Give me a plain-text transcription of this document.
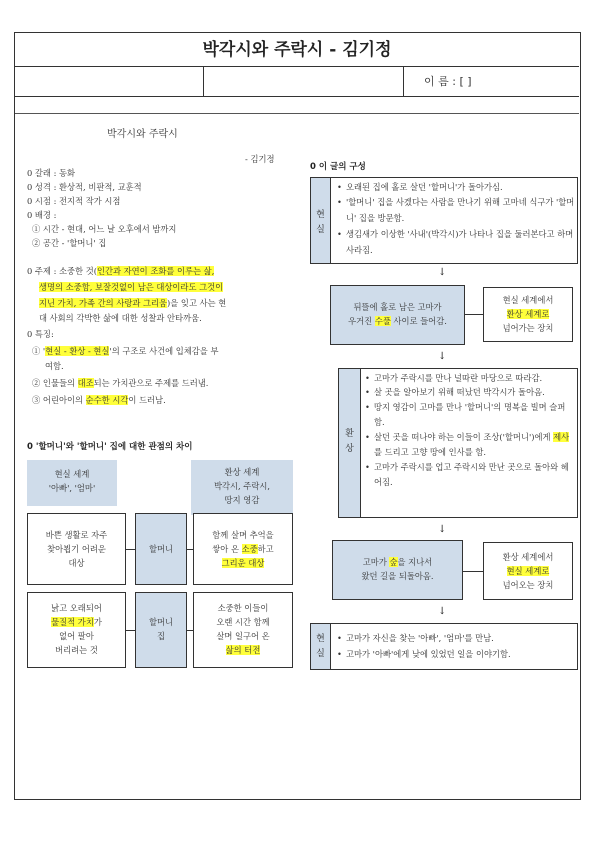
박각시와 주락시 - 김기정
이 름 : [ ]
박각시와 주락시
- 김기정
0 갈래 : 동화
0 성격 : 환상적, 비판적, 교훈적
0 시점 : 전지적 작가 시점
0 배경 :
① 시간 - 현대, 어느 날 오후에서 밤까지
② 공간 - '할머니' 집
0 주제 : 소중한 것(인간과 자연이 조화를 이루는 삶,
생명의 소중함, 보잘것없이 남은 대상이라도 그것이
지닌 가치, 가족 간의 사랑과 그리움)을 잊고 사는 현
대 사회의 각박한 삶에 대한 성찰과 안타까움.
0 특징:
① '현실 - 환상 - 현실'의 구조로 사건에 입체감을 부
여함.
② 인물들의 대조되는 가치관으로 주제를 드러냄.
③ 어린아이의 순수한 시각이 드러남.
0 '할머니'와 '할머니' 집에 대한 관점의 차이
현실 세계
'아빠', '엄마'
환상 세계
박각시, 주락시,
땅지 영감
바쁜 생활로 자주
찾아뵙기 어려운
대상
할머니
함께 살며 추억을
쌓아 온 소중하고
그리운 대상
낡고 오래되어
물질적 가치가
없어 팔아
버리려는 것
할머니
집
소중한 이들이
오랜 시간 함께
살며 일구어 온
삶의 터전
0 이 글의 구성
현
실
• 오래된 집에 홀로 살던 '할머니'가 돌아가심.
• '할머니' 집을 사겠다는 사람을 만나기 위해 고마네 식구가 '할머니' 집을 방문함.
• 생김새가 이상한 '사내'(박각시)가 나타나 집을 둘러본다고 하며 사라짐.
↓
뒤뜰에 홀로 남은 고마가
우거진 수풀 사이로 들어감.
현실 세계에서
환상 세계로
넘어가는 장치
↓
환
상
• 고마가 주락시를 만나 널따란 마당으로 따라감.
• 살 곳을 알아보기 위해 떠났던 박각시가 돌아옴.
• 땅지 영감이 고마를 만나 '할머니'의 명복을 빌며 슬퍼함.
• 살던 곳을 떠나야 하는 이들이 조상('할머니')에게 제사를 드리고 고향 땅에 인사를 함.
• 고마가 주락시를 업고 주락시와 만난 곳으로 돌아와 헤어짐.
↓
고마가 숲을 지나서
왔던 길을 되돌아옴.
환상 세계에서
현실 세계로
넘어오는 장치
↓
현
실
• 고마가 자신을 찾는 '아빠', '엄마'를 만남.
• 고마가 '아빠'에게 낮에 있었던 일을 이야기함.
